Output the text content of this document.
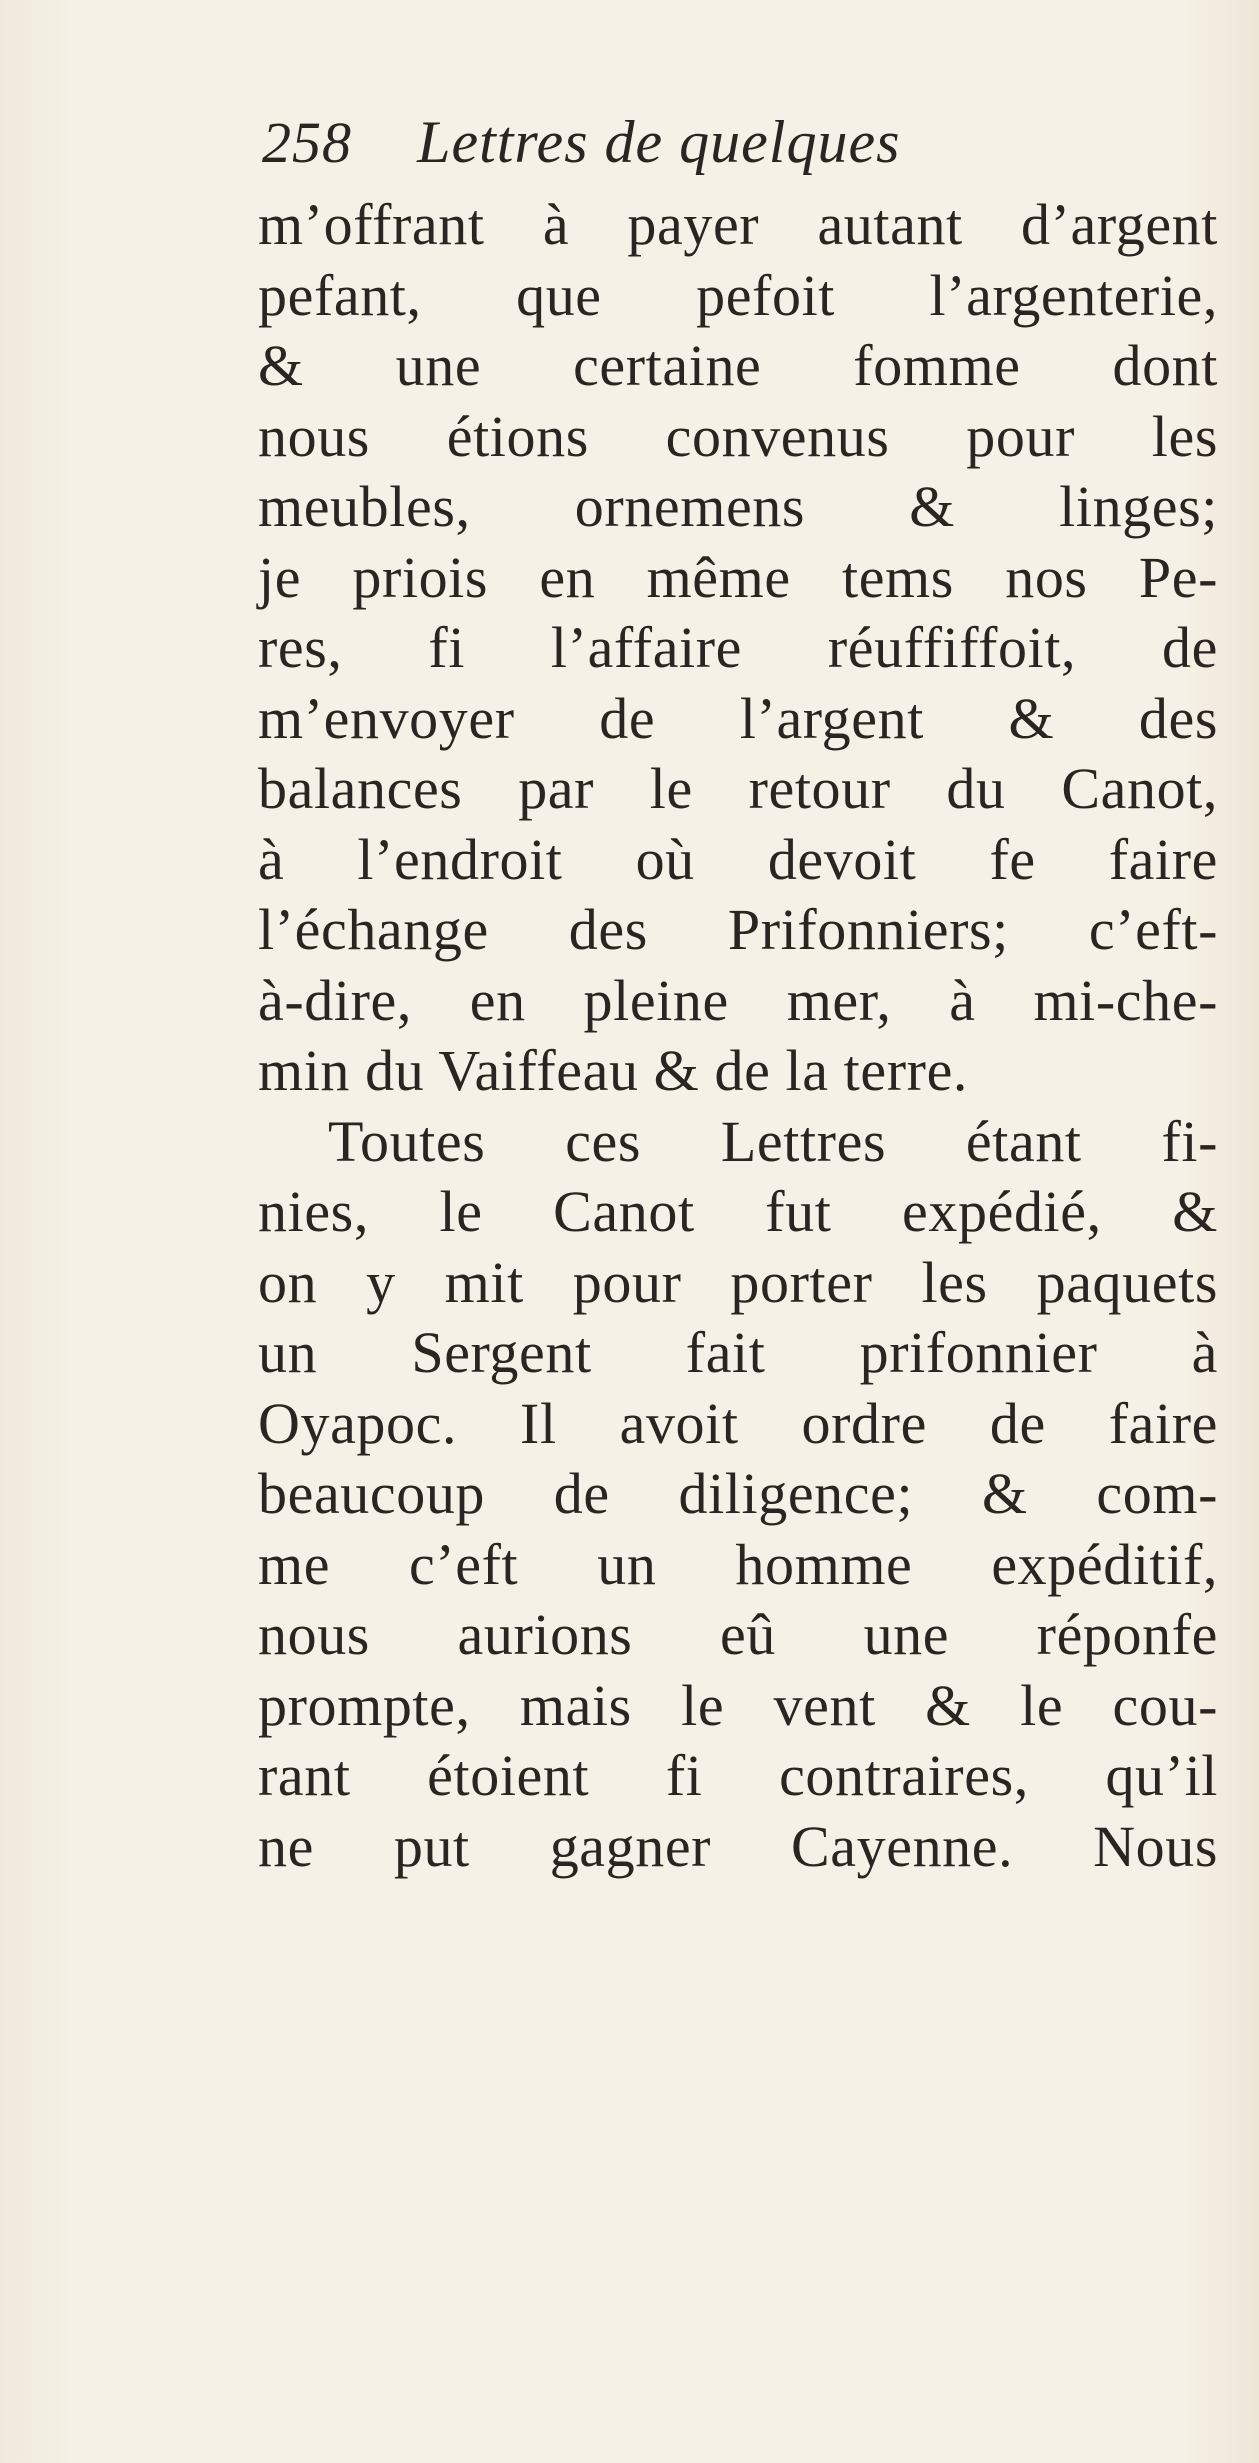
258 Lettres de quelques
m’offrant à payer autant d’argent
pefant, que pefoit l’argenterie,
& une certaine fomme dont
nous étions convenus pour les
meubles, ornemens & linges;
je priois en même tems nos Pe-
res, fi l’affaire réuffiffoit, de
m’envoyer de l’argent & des
balances par le retour du Canot,
à l’endroit où devoit fe faire
l’échange des Prifonniers; c’eft-
à-dire, en pleine mer, à mi-che-
min du Vaiffeau & de la terre.
Toutes ces Lettres étant fi-
nies, le Canot fut expédié, &
on y mit pour porter les paquets
un Sergent fait prifonnier à
Oyapoc. Il avoit ordre de faire
beaucoup de diligence; & com-
me c’eft un homme expéditif,
nous aurions eû une réponfe
prompte, mais le vent & le cou-
rant étoient fi contraires, qu’il
ne put gagner Cayenne. Nous
